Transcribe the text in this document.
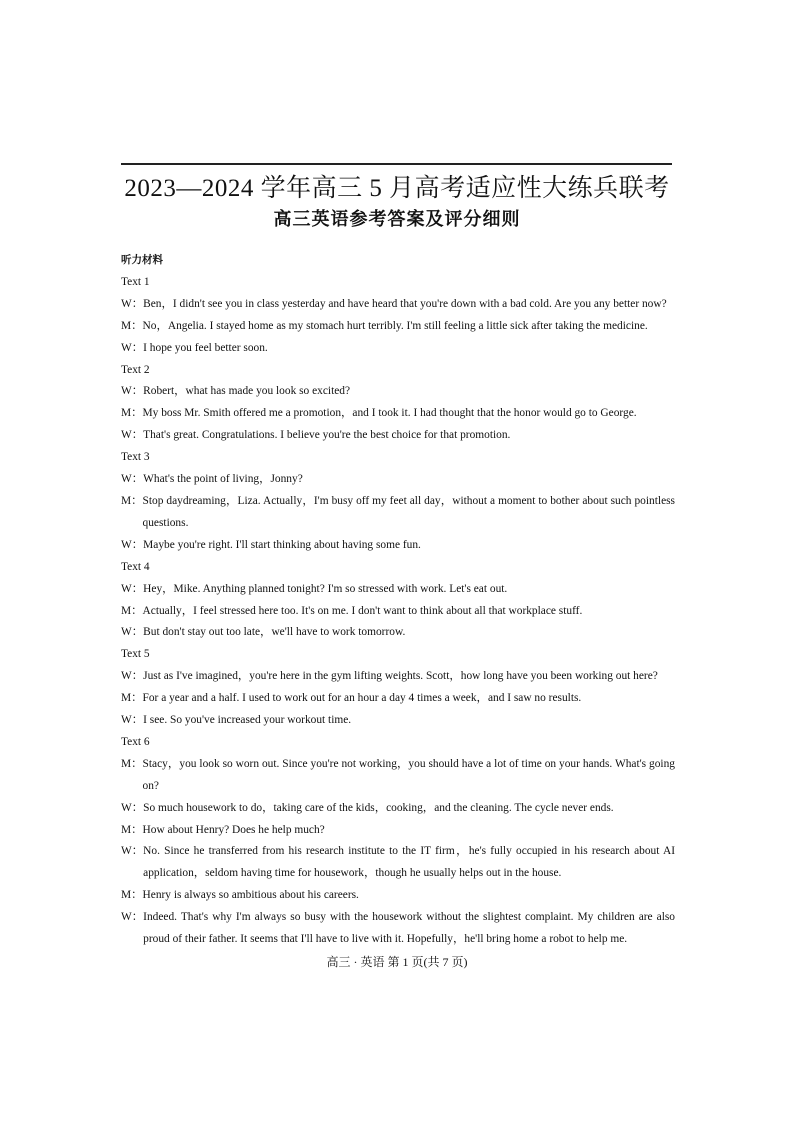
2023—2024 学年高三 5 月高考适应性大练兵联考
高三英语参考答案及评分细则
听力材料
Text 1
W： Ben，I didn't see you in class yesterday and have heard that you're down with a bad cold. Are you any better now?
M： No，Angelia. I stayed home as my stomach hurt terribly. I'm still feeling a little sick after taking the medicine.
W： I hope you feel better soon.
Text 2
W： Robert，what has made you look so excited?
M： My boss Mr. Smith offered me a promotion，and I took it. I had thought that the honor would go to George.
W： That's great. Congratulations. I believe you're the best choice for that promotion.
Text 3
W： What's the point of living，Jonny?
M： Stop daydreaming，Liza. Actually，I'm busy off my feet all day，without a moment to bother about such pointless questions.
W： Maybe you're right. I'll start thinking about having some fun.
Text 4
W： Hey，Mike. Anything planned tonight? I'm so stressed with work. Let's eat out.
M： Actually，I feel stressed here too. It's on me. I don't want to think about all that workplace stuff.
W： But don't stay out too late，we'll have to work tomorrow.
Text 5
W： Just as I've imagined，you're here in the gym lifting weights. Scott，how long have you been working out here?
M： For a year and a half. I used to work out for an hour a day 4 times a week，and I saw no results.
W： I see. So you've increased your workout time.
Text 6
M： Stacy，you look so worn out. Since you're not working，you should have a lot of time on your hands. What's going on?
W： So much housework to do，taking care of the kids，cooking，and the cleaning. The cycle never ends.
M： How about Henry? Does he help much?
W： No. Since he transferred from his research institute to the IT firm，he's fully occupied in his research about AI application，seldom having time for housework，though he usually helps out in the house.
M： Henry is always so ambitious about his careers.
W： Indeed. That's why I'm always so busy with the housework without the slightest complaint. My children are also proud of their father. It seems that I'll have to live with it. Hopefully，he'll bring home a robot to help me.
高三 · 英语 第 1 页(共 7 页)
